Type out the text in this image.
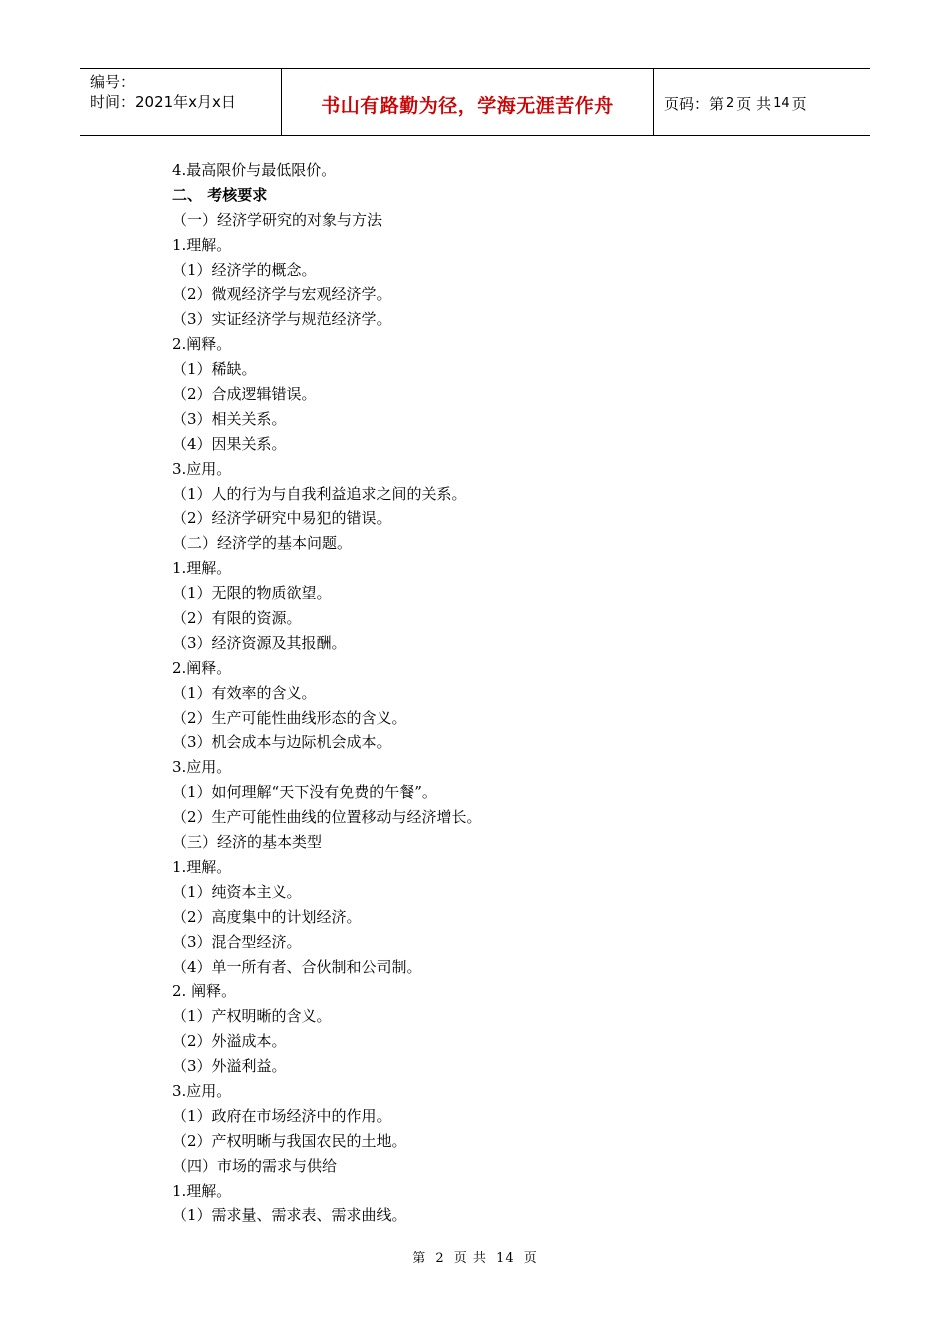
编号：
时间：2021年x月x日	书山有路勤为径，学海无涯苦作舟	页码：第 2 页 共 14 页
4.最高限价与最低限价。
二、 考核要求
（一）经济学研究的对象与方法
1.理解。
（1）经济学的概念。
（2）微观经济学与宏观经济学。
（3）实证经济学与规范经济学。
2.阐释。
（1）稀缺。
（2）合成逻辑错误。
（3）相关关系。
（4）因果关系。
3.应用。
（1）人的行为与自我利益追求之间的关系。
（2）经济学研究中易犯的错误。
（二）经济学的基本问题。
1.理解。
（1）无限的物质欲望。
（2）有限的资源。
（3）经济资源及其报酬。
2.阐释。
（1）有效率的含义。
（2）生产可能性曲线形态的含义。
（3）机会成本与边际机会成本。
3.应用。
（1）如何理解“天下没有免费的午餐”。
（2）生产可能性曲线的位置移动与经济增长。
（三）经济的基本类型
1.理解。
（1）纯资本主义。
（2）高度集中的计划经济。
（3）混合型经济。
（4）单一所有者、合伙制和公司制。
2. 阐释。
（1）产权明晰的含义。
（2）外溢成本。
（3）外溢利益。
3.应用。
（1）政府在市场经济中的作用。
（2）产权明晰与我国农民的土地。
（四）市场的需求与供给
1.理解。
（1）需求量、需求表、需求曲线。
第 2 页 共 14 页
